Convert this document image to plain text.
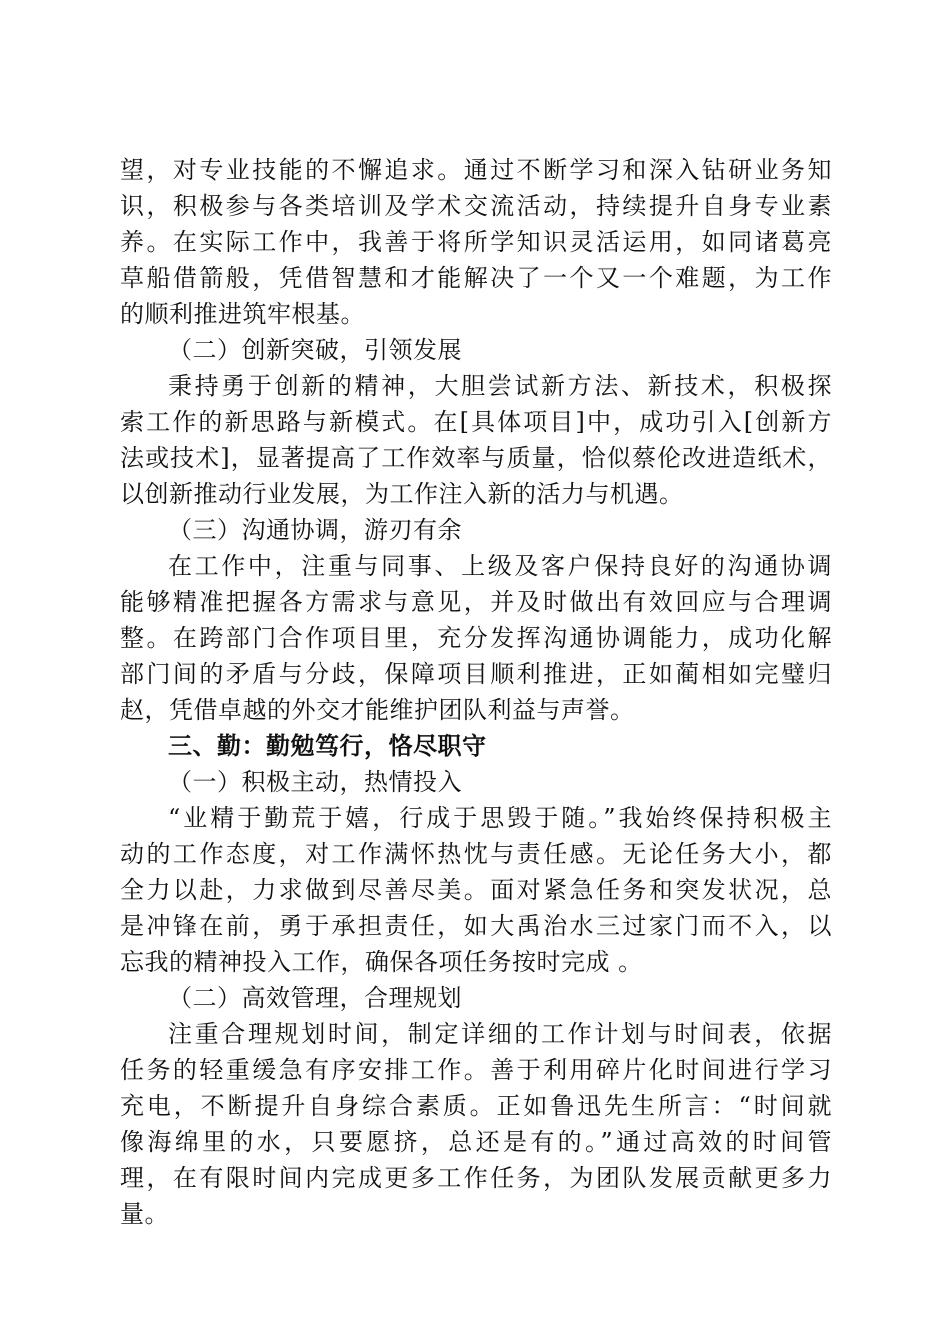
望，对专业技能的不懈追求。通过不断学习和深入钻研业务知
识，积极参与各类培训及学术交流活动，持续提升自身专业素
养。在实际工作中，我善于将所学知识灵活运用，如同诸葛亮
草船借箭般，凭借智慧和才能解决了一个又一个难题，为工作
的顺利推进筑牢根基。
（二）创新突破，引领发展
秉持勇于创新的精神，大胆尝试新方法、新技术，积极探
索工作的新思路与新模式。在[具体项目]中，成功引入[创新方
法或技术]，显著提高了工作效率与质量，恰似蔡伦改进造纸术，
以创新推动行业发展，为工作注入新的活力与机遇。
（三）沟通协调，游刃有余
在工作中，注重与同事、上级及客户保持良好的沟通协调
能够精准把握各方需求与意见，并及时做出有效回应与合理调
整。在跨部门合作项目里，充分发挥沟通协调能力，成功化解
部门间的矛盾与分歧，保障项目顺利推进，正如蔺相如完璧归
赵，凭借卓越的外交才能维护团队利益与声誉。
三、勤：勤勉笃行，恪尽职守
（一）积极主动，热情投入
“业精于勤荒于嬉，行成于思毁于随。”我始终保持积极主
动的工作态度，对工作满怀热忱与责任感。无论任务大小，都
全力以赴，力求做到尽善尽美。面对紧急任务和突发状况，总
是冲锋在前，勇于承担责任，如大禹治水三过家门而不入，以
忘我的精神投入工作，确保各项任务按时完成 。
（二）高效管理，合理规划
注重合理规划时间，制定详细的工作计划与时间表，依据
任务的轻重缓急有序安排工作。善于利用碎片化时间进行学习
充电，不断提升自身综合素质。正如鲁迅先生所言：“时间就
像海绵里的水，只要愿挤，总还是有的。”通过高效的时间管
理，在有限时间内完成更多工作任务，为团队发展贡献更多力
量。
